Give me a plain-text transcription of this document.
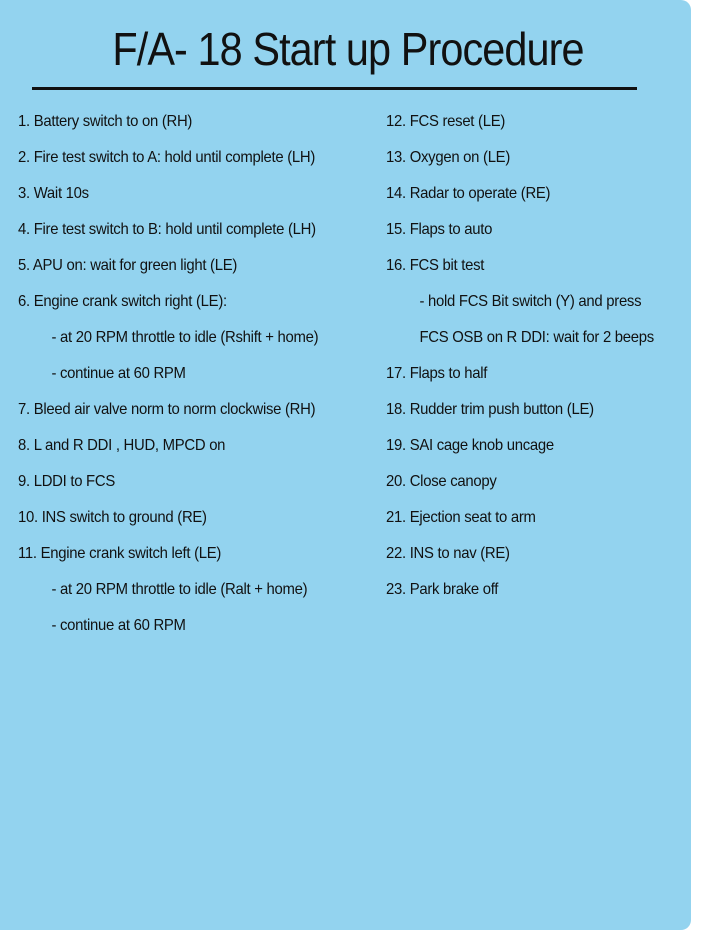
F/A- 18 Start up Procedure
1. Battery switch to on (RH)
2. Fire test switch to A: hold until complete (LH)
3. Wait 10s
4. Fire test switch to B: hold until complete (LH)
5. APU on: wait for green light (LE)
6. Engine crank switch right (LE):
- at 20 RPM throttle to idle (Rshift + home)
- continue at 60 RPM
7. Bleed air valve norm to norm clockwise (RH)
8. L and R DDI , HUD, MPCD on
9. LDDI to FCS
10. INS switch to ground (RE)
11. Engine crank switch left (LE)
- at 20 RPM throttle to idle (Ralt + home)
- continue at 60 RPM
12. FCS reset (LE)
13. Oxygen on (LE)
14. Radar to operate (RE)
15. Flaps to auto
16. FCS bit test
- hold FCS Bit switch (Y) and press
FCS OSB on R DDI: wait for 2 beeps
17. Flaps to half
18. Rudder trim push button (LE)
19. SAI cage knob uncage
20. Close canopy
21. Ejection seat to arm
22. INS to nav (RE)
23. Park brake off
